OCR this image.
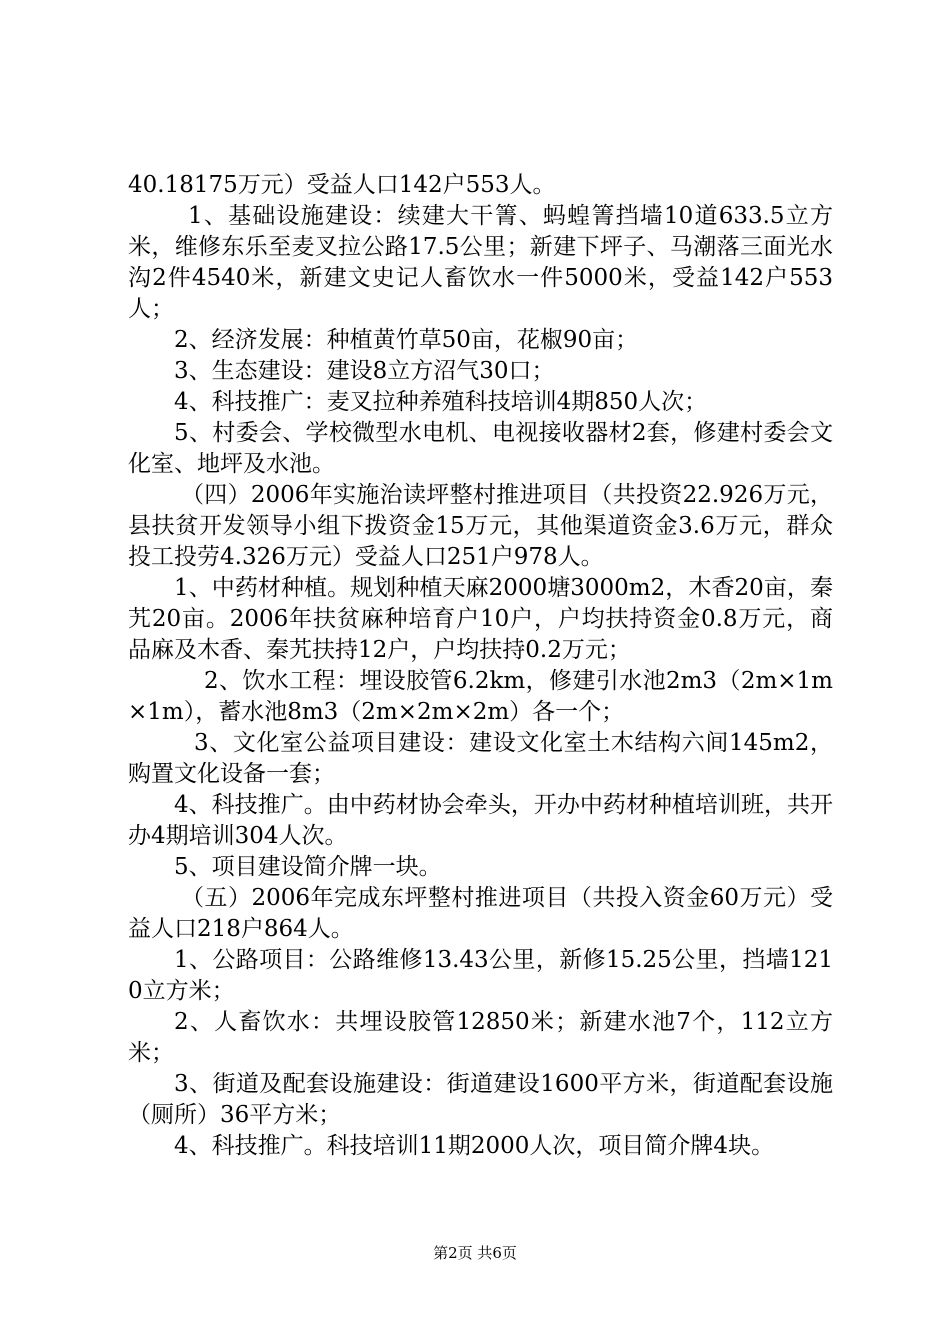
40.18175万元）受益人口142户553人。

1、基础设施建设：续建大干箐、蚂蝗箐挡墙10道633.5立方米，维修东乐至麦叉拉公路17.5公里；新建下坪子、马潮落三面光水沟2件4540米，新建文史记人畜饮水一件5000米，受益142户553人；

2、经济发展：种植黄竹草50亩，花椒90亩；

3、生态建设：建设8立方沼气30口；

4、科技推广：麦叉拉种养殖科技培训4期850人次；

5、村委会、学校微型水电机、电视接收器材2套，修建村委会文化室、地坪及水池。

（四）2006年实施治读坪整村推进项目（共投资22.926万元，县扶贫开发领导小组下拨资金15万元，其他渠道资金3.6万元，群众投工投劳4.326万元）受益人口251户978人。

1、中药材种植。规划种植天麻2000塘3000m2，木香20亩，秦艽20亩。2006年扶贫麻种培育户10户，户均扶持资金0.8万元，商品麻及木香、秦艽扶持12户，户均扶持0.2万元；

2、饮水工程：埋设胶管6.2km，修建引水池2m3（2m×1m×1m），蓄水池8m3（2m×2m×2m）各一个；

3、文化室公益项目建设：建设文化室土木结构六间145m2，购置文化设备一套；

4、科技推广。由中药材协会牵头，开办中药材种植培训班，共开办4期培训304人次。

5、项目建设简介牌一块。

（五）2006年完成东坪整村推进项目（共投入资金60万元）受益人口218户864人。

1、公路项目：公路维修13.43公里，新修15.25公里，挡墙1210立方米；

2、人畜饮水：共埋设胶管12850米；新建水池7个，112立方米；

3、街道及配套设施建设：街道建设1600平方米，街道配套设施（厕所）36平方米；

4、科技推广。科技培训11期2000人次，项目简介牌4块。

第2页 共6页
